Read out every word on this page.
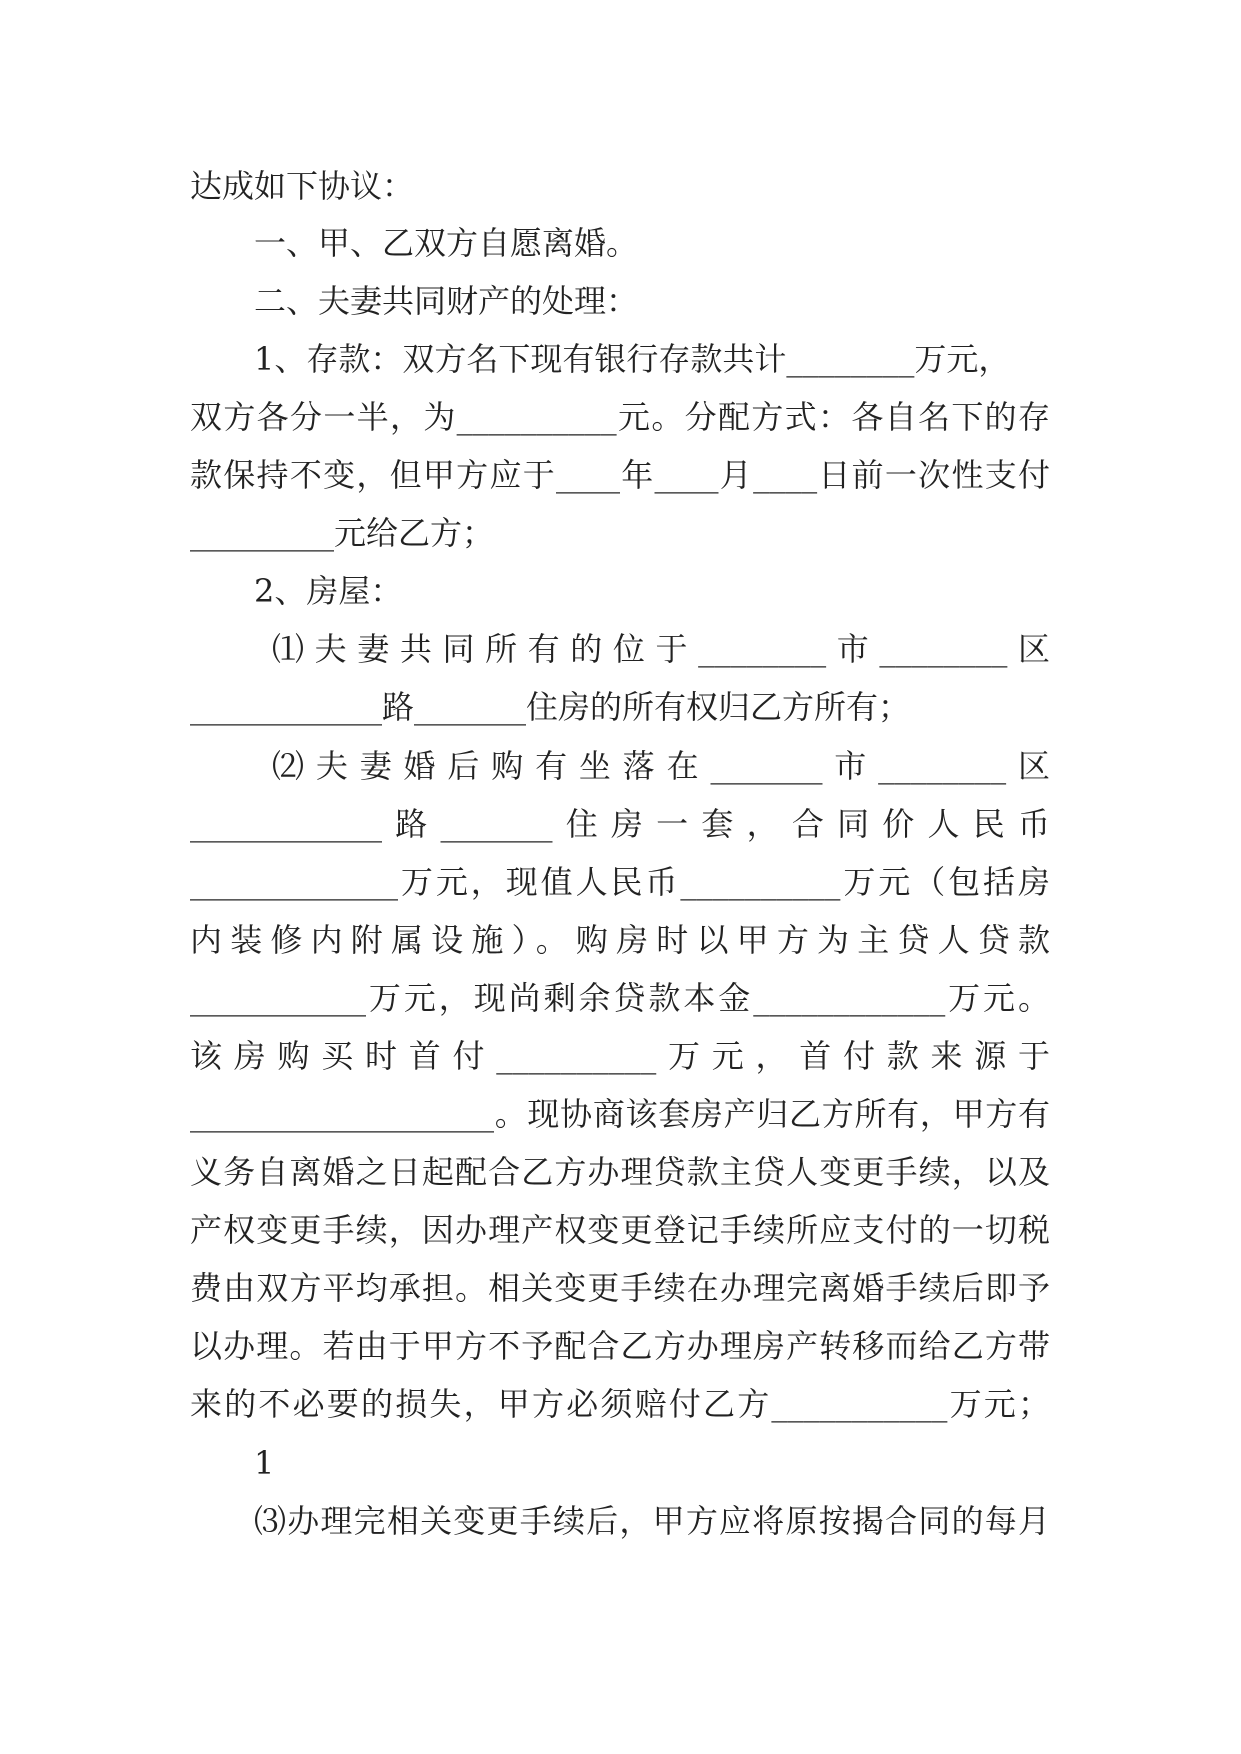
达成如下协议：
一、甲、乙双方自愿离婚。
二、夫妻共同财产的处理：
1、存款：双方名下现有银行存款共计________万元，
双方各分一半，为__________元。分配方式：各自名下的存
款保持不变，但甲方应于____年____月____日前一次性支付
_________元给乙方；
2、房屋：
⑴夫妻共同所有的位于________市________区
____________路_______住房的所有权归乙方所有；
⑵夫妻婚后购有坐落在_______市________区
____________路_______住房一套，合同价人民币
_____________万元，现值人民币__________万元（包括房
内装修内附属设施）。购房时以甲方为主贷人贷款
___________万元，现尚剩余贷款本金____________万元。
该房购买时首付__________万元，首付款来源于
___________________。现协商该套房产归乙方所有，甲方有
义务自离婚之日起配合乙方办理贷款主贷人变更手续，以及
产权变更手续，因办理产权变更登记手续所应支付的一切税
费由双方平均承担。相关变更手续在办理完离婚手续后即予
以办理。若由于甲方不予配合乙方办理房产转移而给乙方带
来的不必要的损失，甲方必须赔付乙方___________万元；
1
⑶办理完相关变更手续后，甲方应将原按揭合同的每月
